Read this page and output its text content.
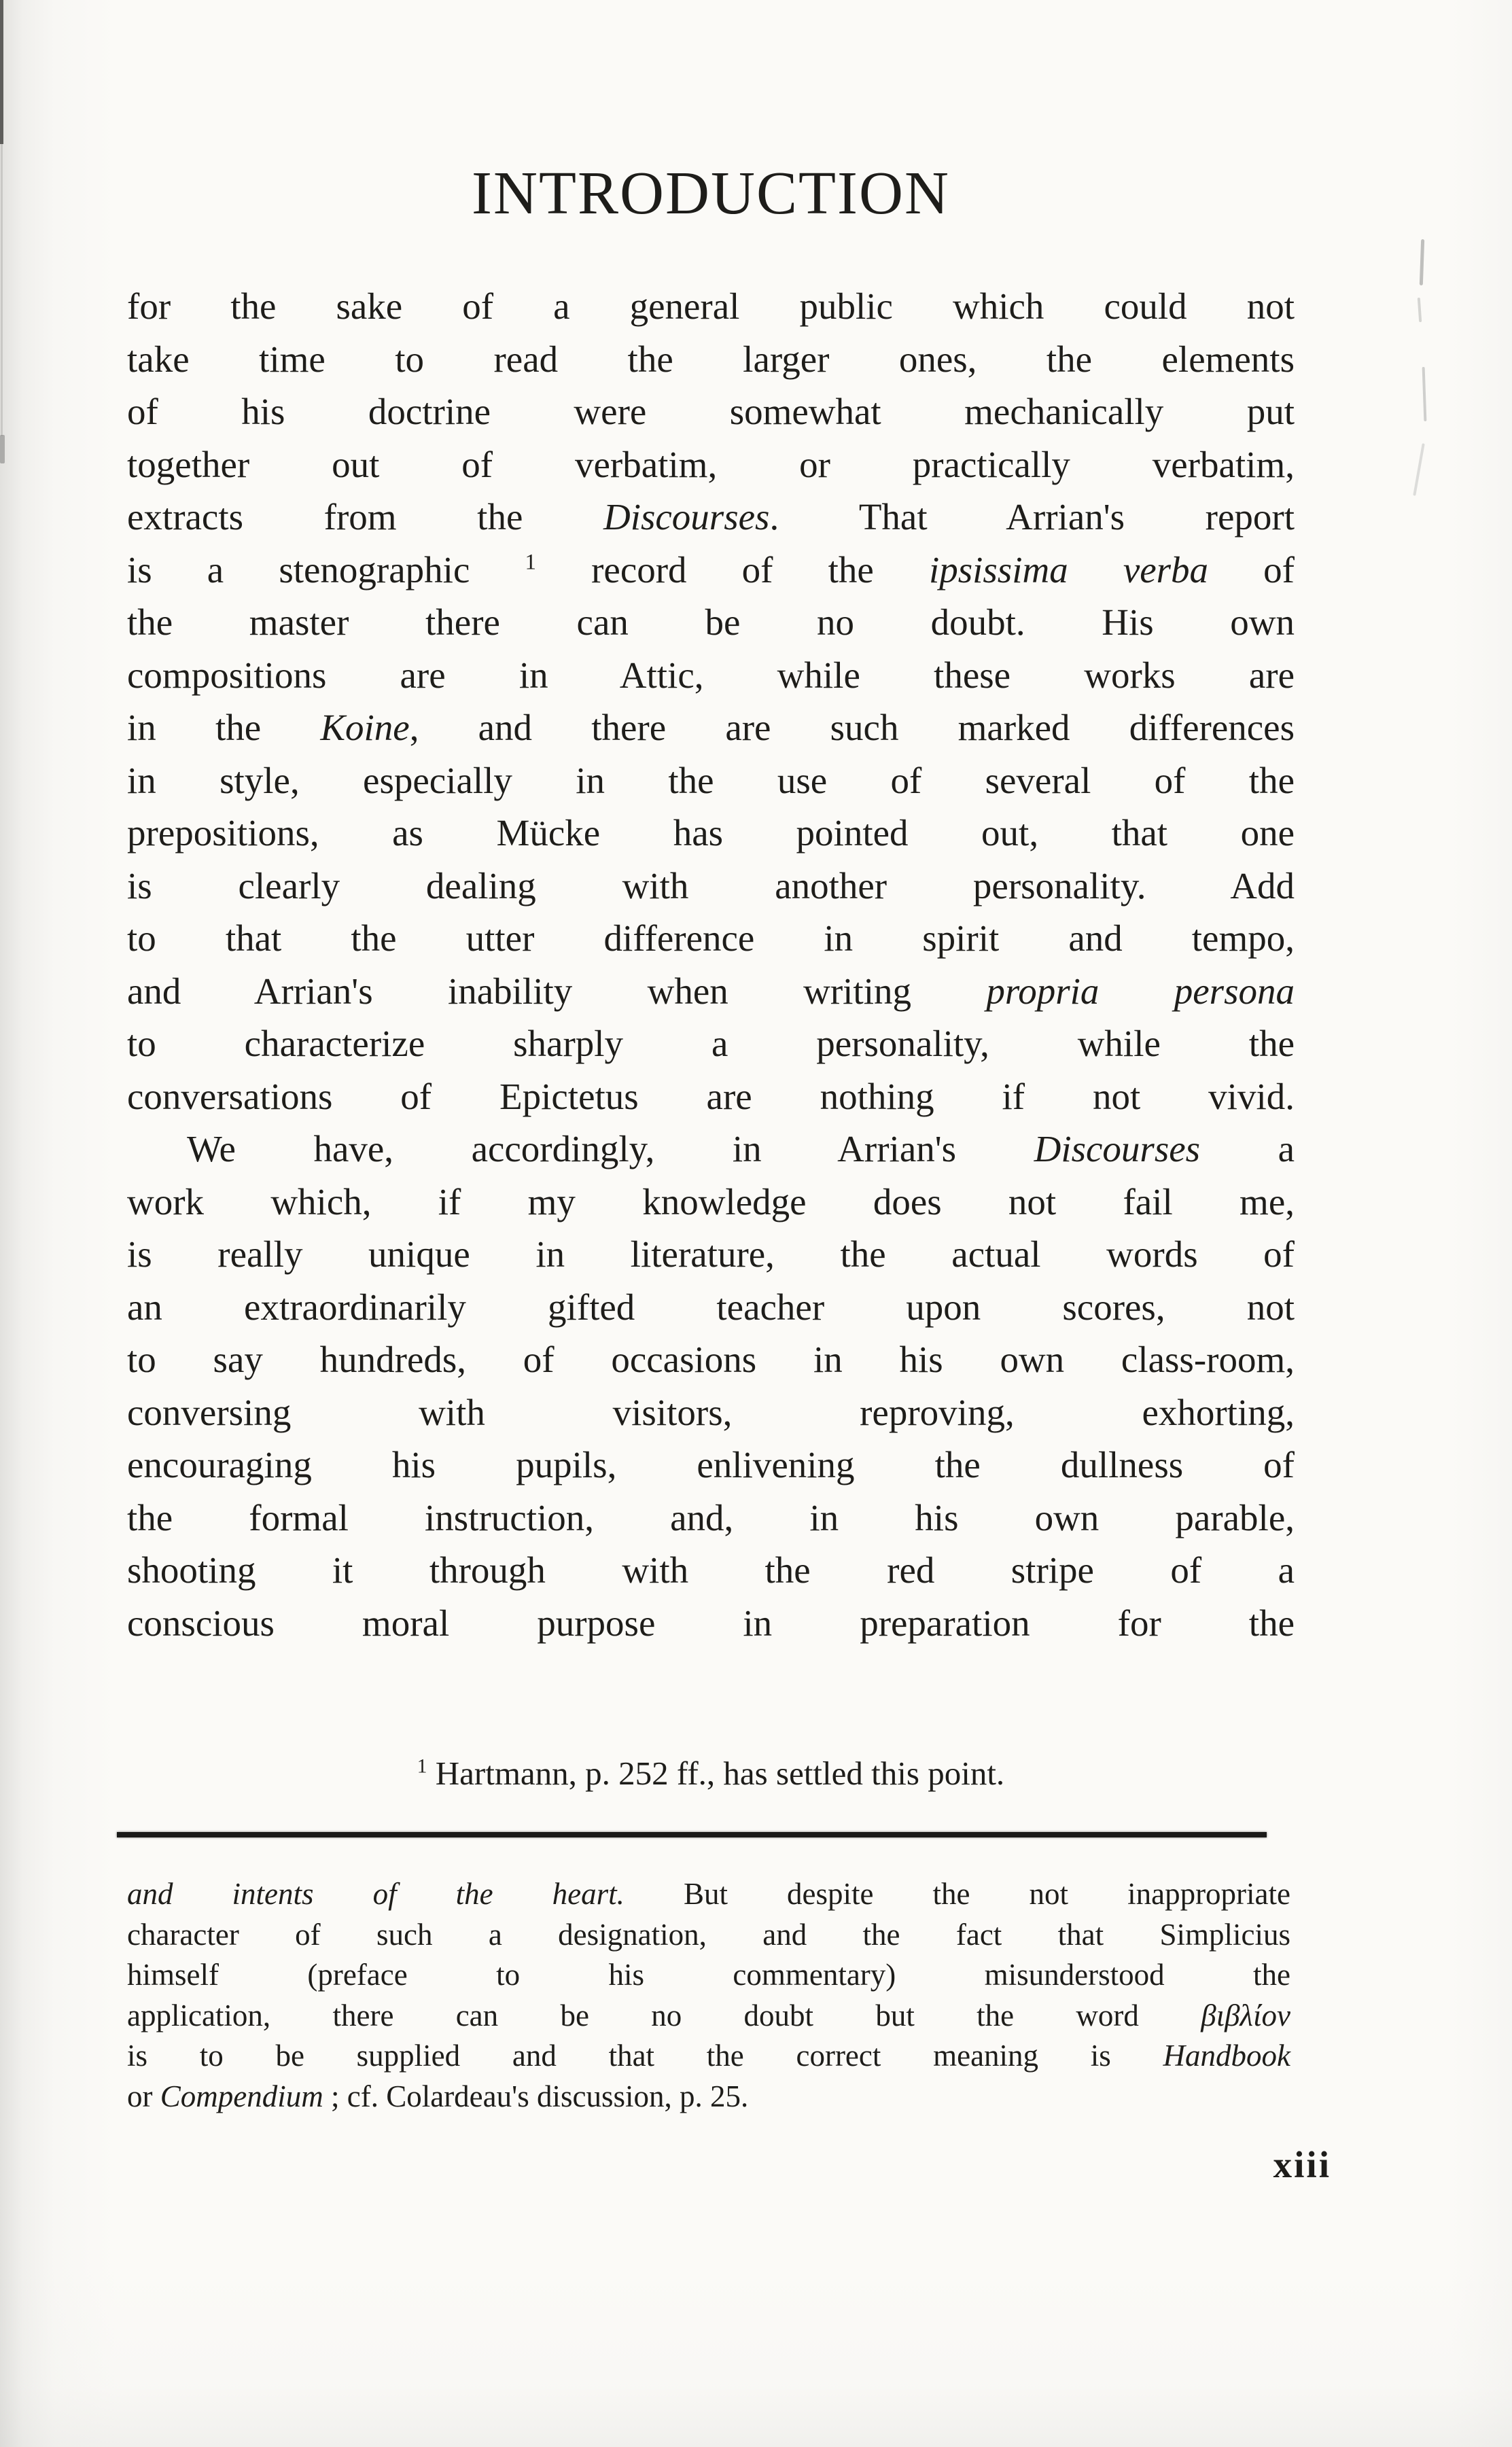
INTRODUCTION
for the sake of a general public which could not
take time to read the larger ones, the elements
of his doctrine were somewhat mechanically put
together out of verbatim, or practically verbatim,
extracts from the Discourses. That Arrian's report
is a stenographic $^1$ record of the ipsissima verba of
the master there can be no doubt. His own
compositions are in Attic, while these works are
in the Koine, and there are such marked differences
in style, especially in the use of several of the
prepositions, as Mücke has pointed out, that one
is clearly dealing with another personality. Add
to that the utter difference in spirit and tempo,
and Arrian's inability when writing propria persona
to characterize sharply a personality, while the
conversations of Epictetus are nothing if not vivid.
We have, accordingly, in Arrian's Discourses a
work which, if my knowledge does not fail me,
is really unique in literature, the actual words of
an extraordinarily gifted teacher upon scores, not
to say hundreds, of occasions in his own class-room,
conversing with visitors, reproving, exhorting,
encouraging his pupils, enlivening the dullness of
the formal instruction, and, in his own parable,
shooting it through with the red stripe of a
conscious moral purpose in preparation for the
$^1$ Hartmann, p. 252 ff., has settled this point.
and intents of the heart. But despite the not inappropriate
character of such a designation, and the fact that Simplicius
himself (preface to his commentary) misunderstood the
application, there can be no doubt but the word βιβλίον
is to be supplied and that the correct meaning is Handbook
or Compendium ; cf. Colardeau's discussion, p. 25.
xiii
